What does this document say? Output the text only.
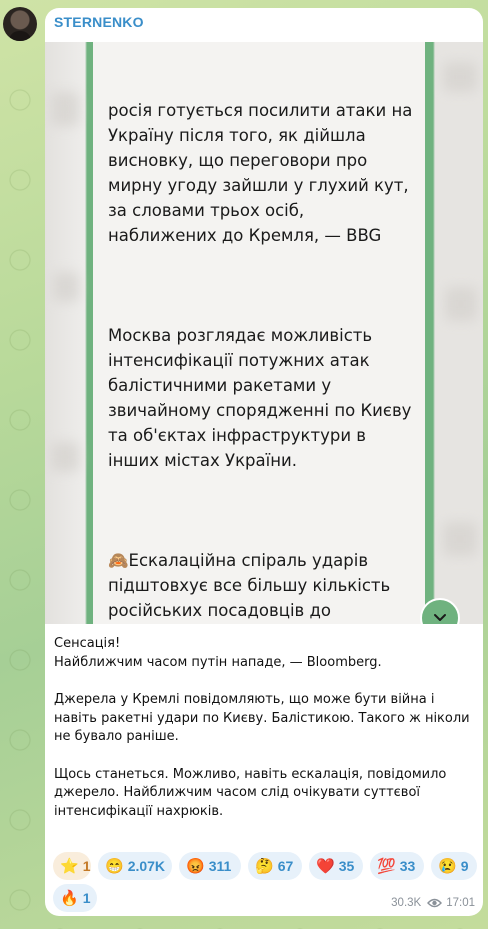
STERNENKO

росія готується посилити атаки на Україну після того, як дійшла висновку, що переговори про мирну угоду зайшли у глухий кут, за словами трьох осіб, наближених до Кремля, — BBG

Москва розглядає можливість інтенсифікації потужних атак балістичними ракетами у звичайному спорядженні по Києву та об'єктах інфраструктури в інших містах України.

🙈Ескалаційна спіраль ударів підштовхує все більшу кількість російських посадовців до

Сенсація!
Найближчим часом путін нападе, — Bloomberg.

Джерела у Кремлі повідомляють, що може бути війна і навіть ракетні удари по Києву. Балістикою. Такого ж ніколи не бувало раніше.

Щось станеться. Можливо, навіть ескалація, повідомило джерело. Найближчим часом слід очікувати суттєвої інтенсифікації нахрюків.

⭐ 1 😁 2.07K 😡 311 🤔 67 ❤️ 35 💯 33 😢 9
🔥 1	30.3K 17:01
